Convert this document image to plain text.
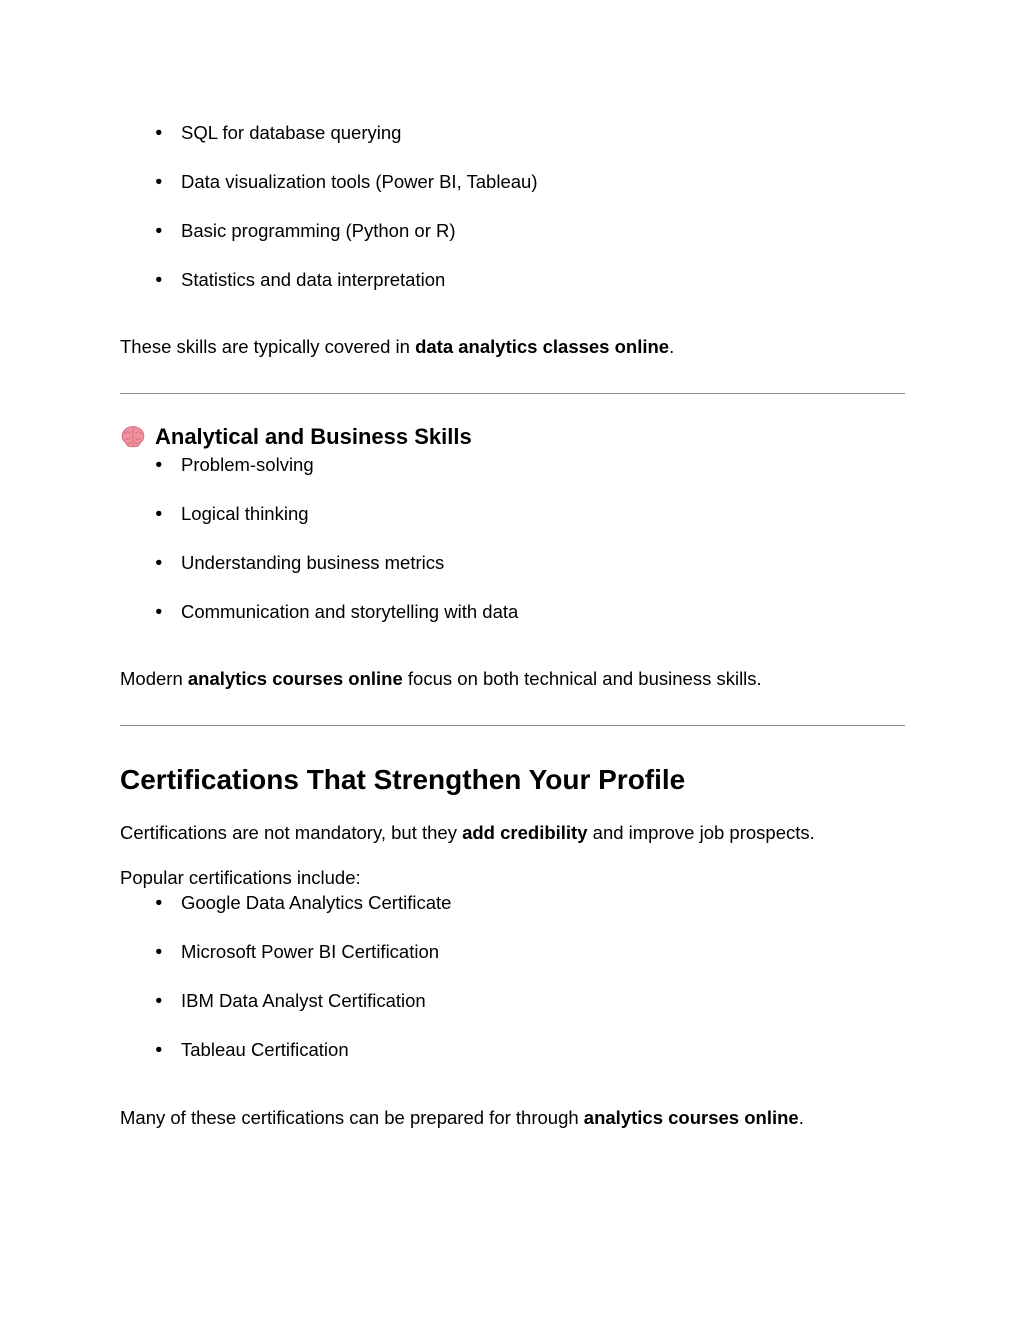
● SQL for database querying
● Data visualization tools (Power BI, Tableau)
● Basic programming (Python or R)
● Statistics and data interpretation

These skills are typically covered in data analytics classes online.

Analytical and Business Skills
● Problem-solving
● Logical thinking
● Understanding business metrics
● Communication and storytelling with data

Modern analytics courses online focus on both technical and business skills.

Certifications That Strengthen Your Profile

Certifications are not mandatory, but they add credibility and improve job prospects.

Popular certifications include:

● Google Data Analytics Certificate
● Microsoft Power BI Certification
● IBM Data Analyst Certification
● Tableau Certification

Many of these certifications can be prepared for through analytics courses online.
